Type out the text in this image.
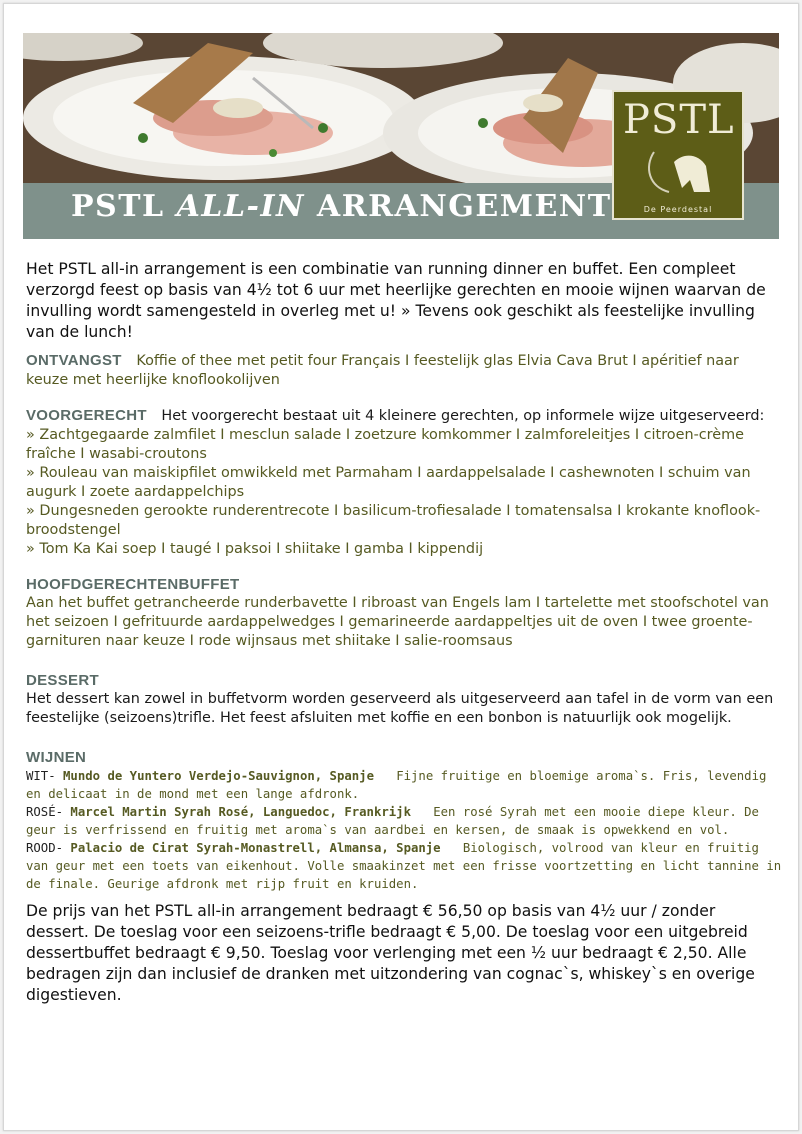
PSTL ALL-IN ARRANGEMENT
PSTL
De Peerdestal

Het PSTL all-in arrangement is een combinatie van running dinner en buffet. Een compleet verzorgd feest op basis van 4½ tot 6 uur met heerlijke gerechten en mooie wijnen waarvan de invulling wordt samengesteld in overleg met u! » Tevens ook geschikt als feestelijke invulling van de lunch!

ONTVANGST Koffie of thee met petit four Français I feestelijk glas Elvia Cava Brut I apéritief naar keuze met heerlijke knoflookolijven
VOORGERECHT Het voorgerecht bestaat uit 4 kleinere gerechten, op informele wijze uitgeserveerd:
» Zachtgegaarde zalmfilet I mesclun salade I zoetzure komkommer I zalmforeleitjes I citroen-crème fraîche I wasabi-croutons
» Rouleau van maiskipfilet omwikkeld met Parmaham I aardappelsalade I cashewnoten I schuim van augurk I zoete aardappelchips
» Dungesneden gerookte runderentrecote I basilicum-trofiesalade I tomatensalsa I krokante knoflook-broodstengel
» Tom Ka Kai soep I taugé I paksoi I shiitake I gamba I kippendij
HOOFDGERECHTENBUFFET
Aan het buffet getrancheerde runderbavette I ribroast van Engels lam I tartelette met stoofschotel van het seizoen I gefrituurde aardappelwedges I gemarineerde aardappeltjes uit de oven I twee groente-garnituren naar keuze I rode wijnsaus met shiitake I salie-roomsaus
DESSERT
Het dessert kan zowel in buffetvorm worden geserveerd als uitgeserveerd aan tafel in de vorm van een feestelijke (seizoens)trifle. Het feest afsluiten met koffie en een bonbon is natuurlijk ook mogelijk.
WIJNEN
WIT- Mundo de Yuntero Verdejo-Sauvignon, Spanje Fijne fruitige en bloemige aroma`s. Fris, levendig en delicaat in de mond met een lange afdronk.
ROSÉ- Marcel Martin Syrah Rosé, Languedoc, Frankrijk Een rosé Syrah met een mooie diepe kleur. De geur is verfrissend en fruitig met aroma`s van aardbei en kersen, de smaak is opwekkend en vol.
ROOD- Palacio de Cirat Syrah-Monastrell, Almansa, Spanje Biologisch, volrood van kleur en fruitig van geur met een toets van eikenhout. Volle smaakinzet met een frisse voortzetting en licht tannine in de finale. Geurige afdronk met rijp fruit en kruiden.

De prijs van het PSTL all-in arrangement bedraagt € 56,50 op basis van 4½ uur / zonder dessert. De toeslag voor een seizoens-trifle bedraagt € 5,00. De toeslag voor een uitgebreid dessertbuffet bedraagt € 9,50. Toeslag voor verlenging met een ½ uur bedraagt € 2,50. Alle bedragen zijn dan inclusief de dranken met uitzondering van cognac`s, whiskey`s en overige digestieven.
